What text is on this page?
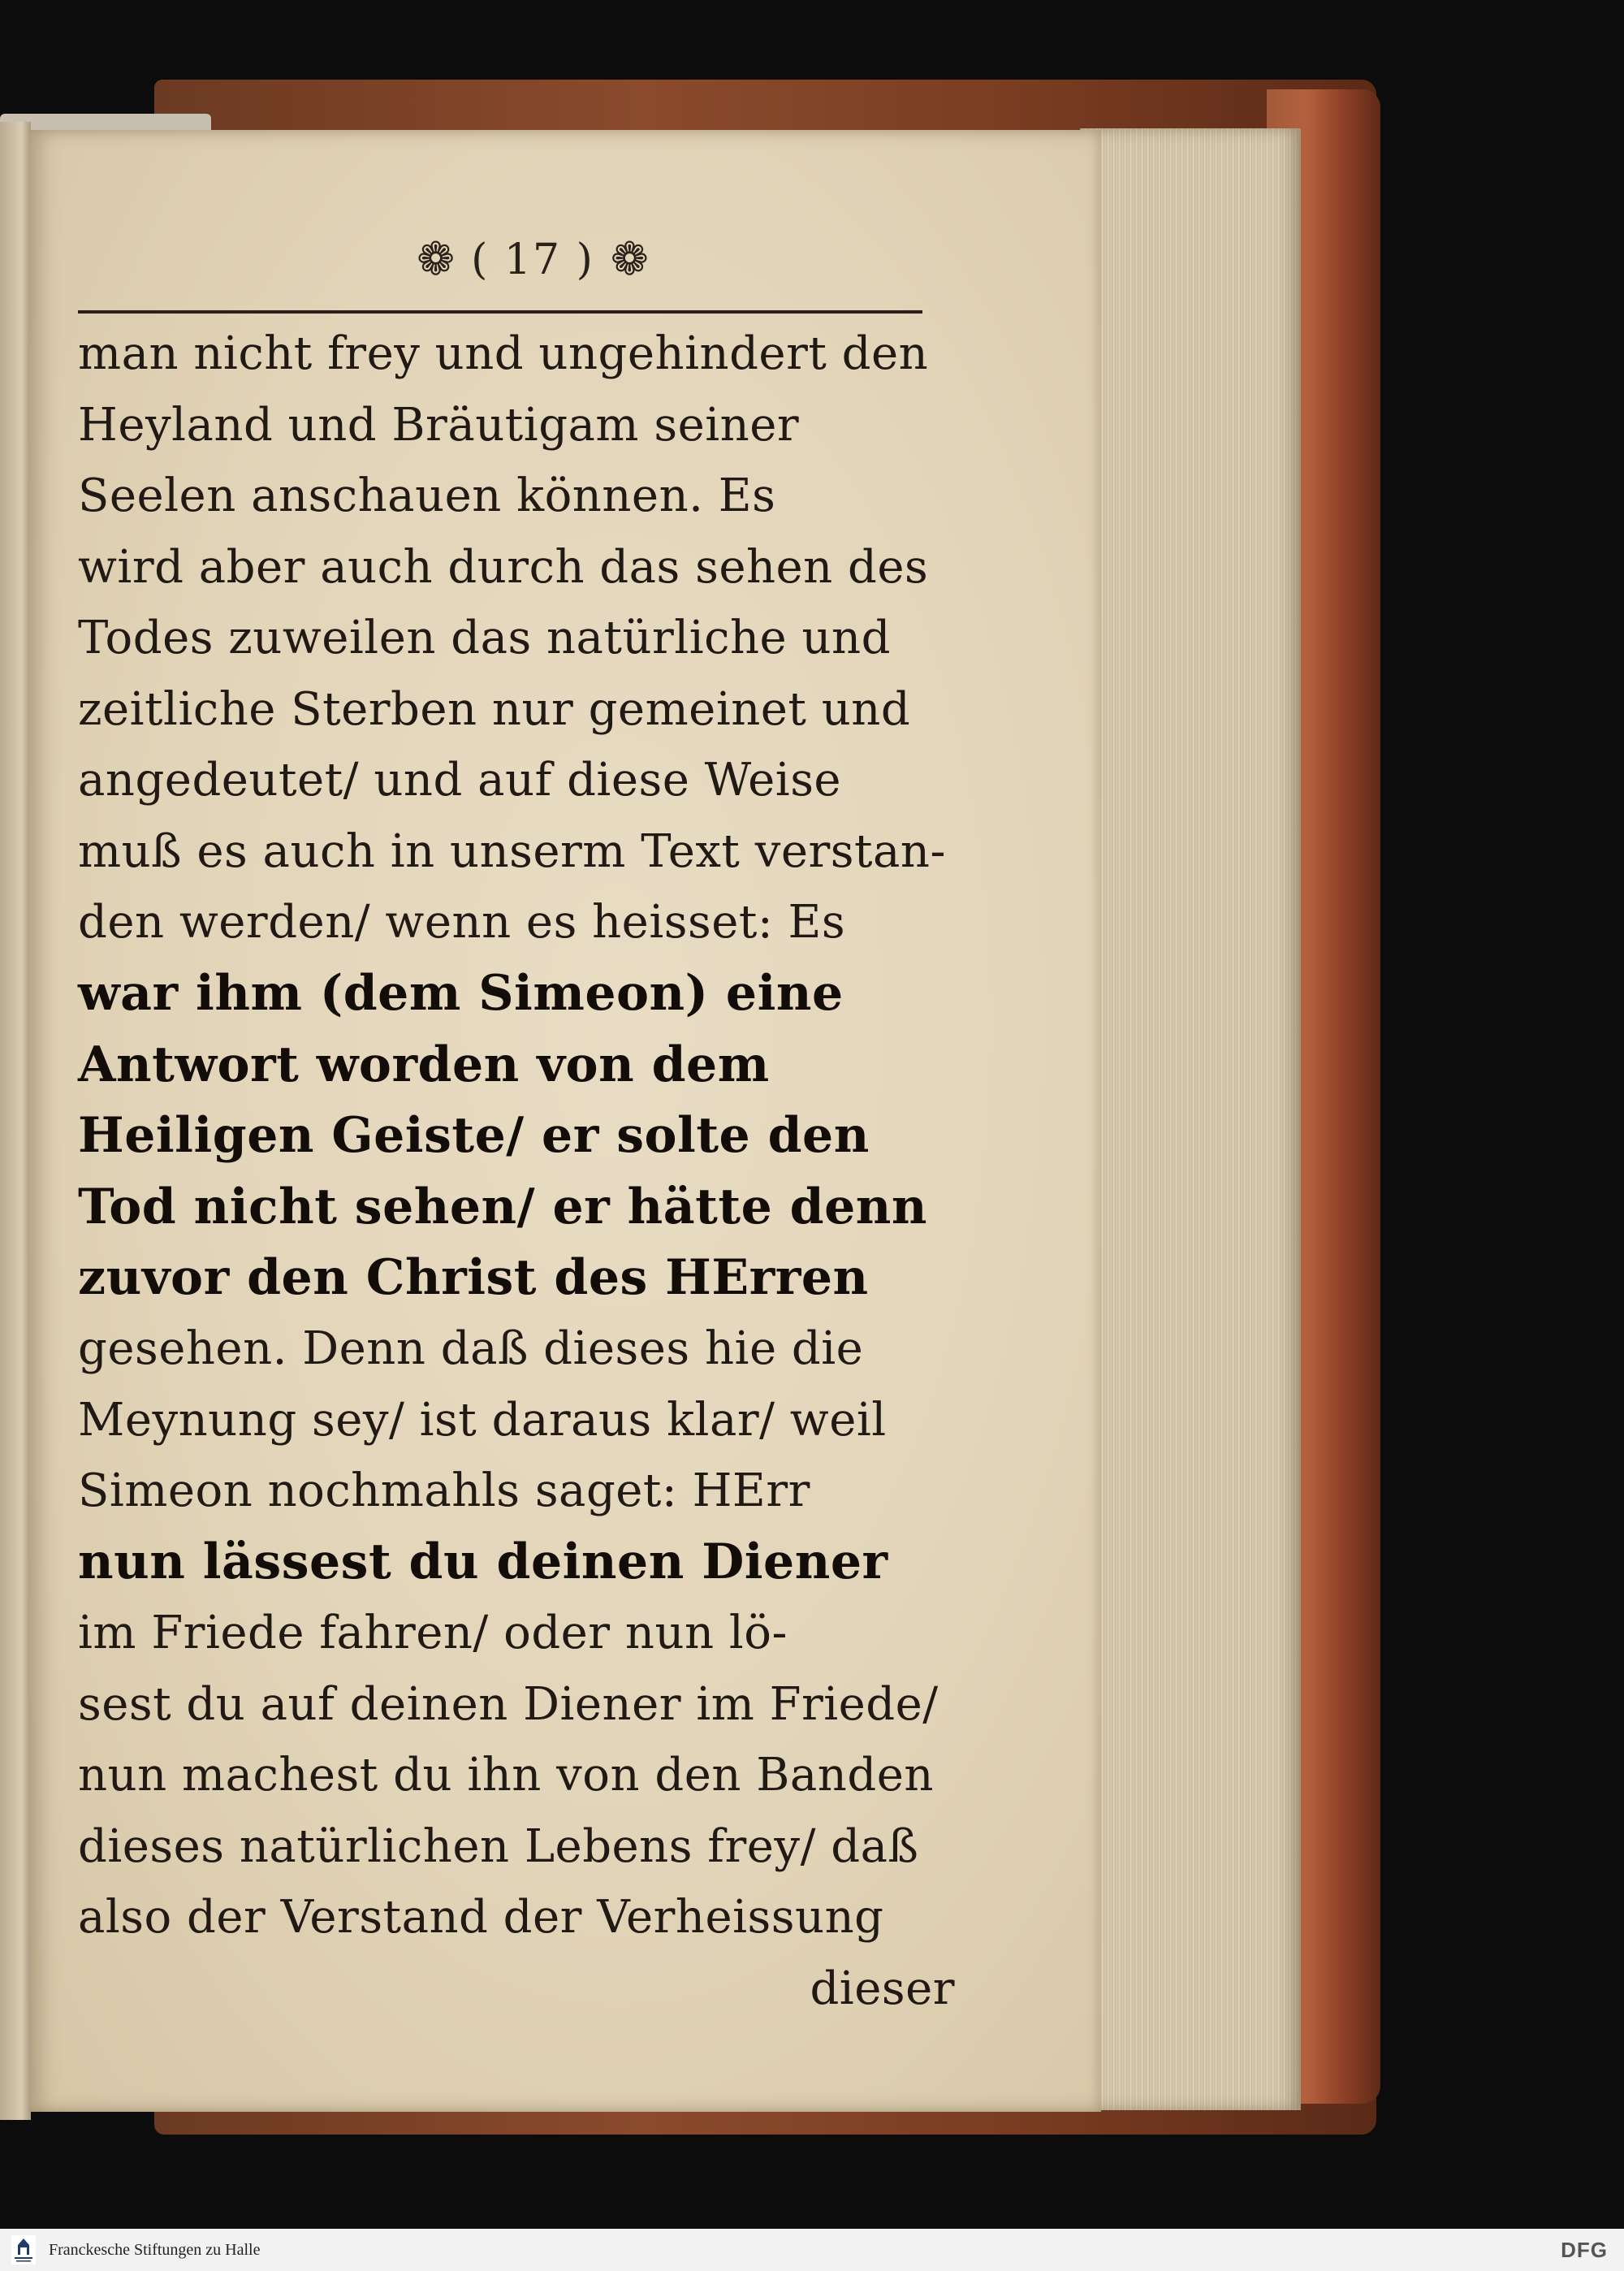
❁ ( 17 ) ❁
man nicht frey und ungehindert den
Heyland und Bräutigam seiner
Seelen anschauen können. Es
wird aber auch durch das sehen des
Todes zuweilen das natürliche und
zeitliche Sterben nur gemeinet und
angedeutet/ und auf diese Weise
muß es auch in unserm Text verstan-
den werden/ wenn es heisset: Es
war ihm (dem Simeon) eine
Antwort worden von dem
Heiligen Geiste/ er solte den
Tod nicht sehen/ er hätte denn
zuvor den Christ des HErren
gesehen. Denn daß dieses hie die
Meynung sey/ ist daraus klar/ weil
Simeon nochmahls saget: HErr
nun lässest du deinen Diener
im Friede fahren/ oder nun lö-
sest du auf deinen Diener im Friede/
nun machest du ihn von den Banden
dieses natürlichen Lebens frey/ daß
also der Verstand der Verheissung
dieser
Franckesche Stiftungen zu Halle	DFG
